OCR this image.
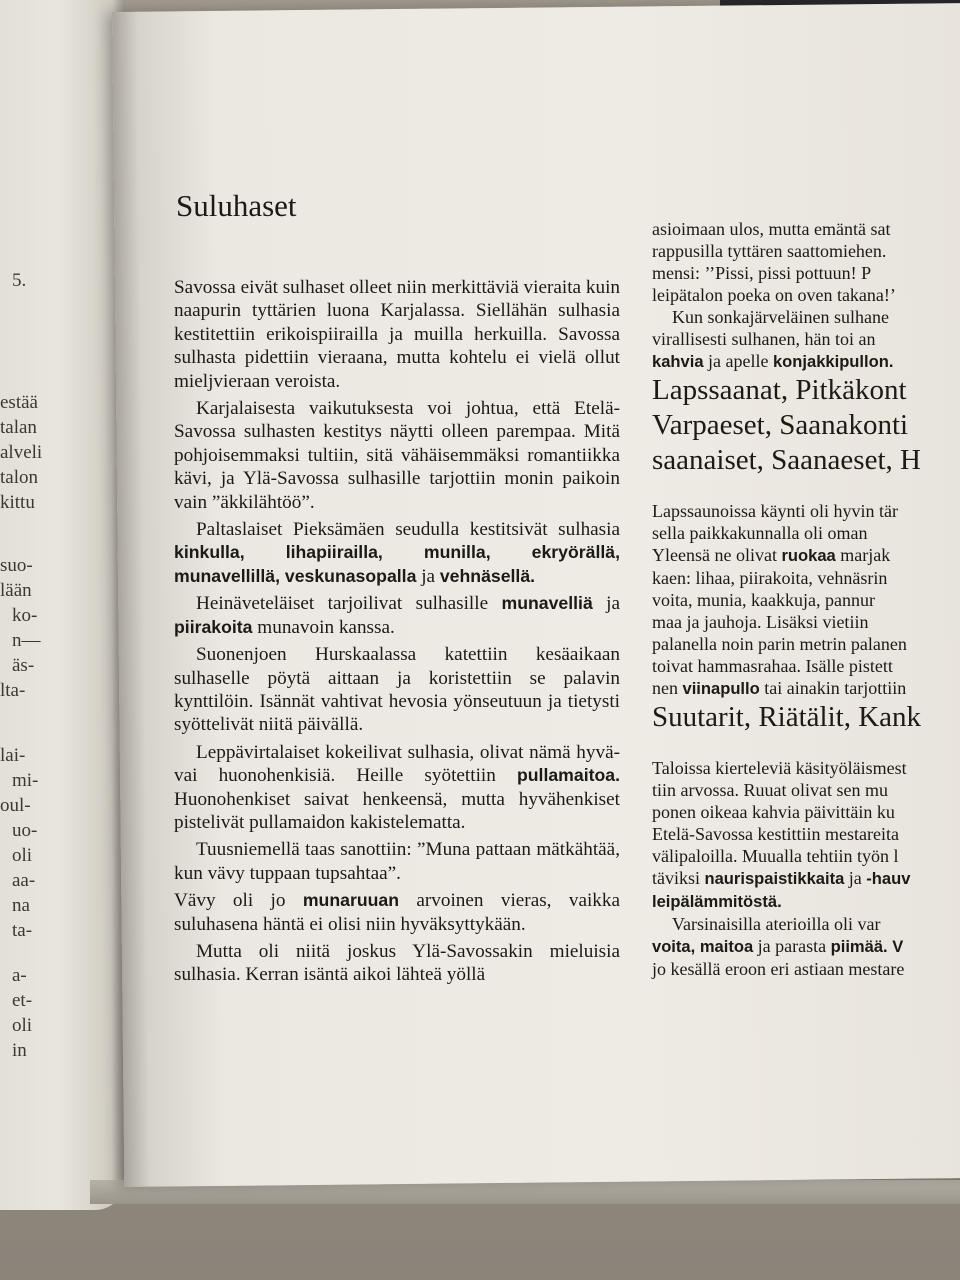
5.
estää
talan
alveli
talon
kittu
suo-
lään
ko-
n—
äs-
lta-
lai-
mi-
oul-
uo-
oli
aa-
na
ta-
a-
et-
oli
in
Suluhaset

Savossa eivät sulhaset olleet niin merkittäviä vieraita kuin naapurin tyttärien luona Karjalassa. Siellähän sulhasia kestitettiin erikoispiirailla ja muilla herkuilla. Savossa sulhasta pidettiin vieraana, mutta kohtelu ei vielä ollut mieljvieraan veroista.

Karjalaisesta vaikutuksesta voi johtua, että Etelä-Savossa sulhasten kestitys näytti olleen parempaa. Mitä pohjoisemmaksi tultiin, sitä vähäisemmäksi romantiikka kävi, ja Ylä-Savossa sulhasille tarjottiin monin paikoin vain ”äkkilähtöö”.

Paltaslaiset Pieksämäen seudulla kestitsivät sulhasia kinkulla, lihapiirailla, munilla, ekryörällä, munavellillä, veskunasopalla ja vehnäsellä.

Heinäveteläiset tarjoilivat sulhasille munavelliä ja piirakoita munavoin kanssa.

Suonenjoen Hurskaalassa katettiin kesäaikaan sulhaselle pöytä aittaan ja koristettiin se palavin kynttilöin. Isännät vahtivat hevosia yönseutuun ja tietysti syöttelivät niitä päivällä.

Leppävirtalaiset kokeilivat sulhasia, olivat nämä hyvä- vai huonohenkisiä. Heille syötettiin pullamaitoa. Huonohenkiset saivat henkeensä, mutta hyvähenkiset pistelivät pullamaidon kakistelematta.

Tuusniemellä taas sanottiin: ”Muna pattaan mätkähtää, kun vävy tuppaan tupsahtaa”.

Vävy oli jo munaruuan arvoinen vieras, vaikka suluhasena häntä ei olisi niin hyväksyttykään.

Mutta oli niitä joskus Ylä-Savossakin mieluisia sulhasia. Kerran isäntä aikoi lähteä yöllä

asioimaan ulos, mutta emäntä sat
rappusilla tyttären saattomiehen.
mensi: ’’Pissi, pissi pottuun! P
leipätalon poeka on oven takana!’
Kun sonkajärveläinen sulhane
virallisesti sulhanen, hän toi an
kahvia ja apelle konjakkipullon.
Lapssaanat, Pitkäkont
Varpaeset, Saanakonti
saanaiset, Saanaeset, H
Lapssaunoissa käynti oli hyvin tär
sella paikkakunnalla oli oman
Yleensä ne olivat ruokaa marjak
kaen: lihaa, piirakoita, vehnäsrin
voita, munia, kaakkuja, pannur
maa ja jauhoja. Lisäksi vietiin
palanella noin parin metrin palanen
toivat hammasrahaa. Isälle pistett
nen viinapullo tai ainakin tarjottiin
Suutarit, Riätälit, Kank
Taloissa kierteleviä käsityöläismest
tiin arvossa. Ruuat olivat sen mu
ponen oikeaa kahvia päivittäin ku
Etelä-Savossa kestittiin mestareita
välipaloilla. Muualla tehtiin työn l
täviksi naurispaistikkaita ja -hauv
leipälämmitöstä.
Varsinaisilla aterioilla oli var
voita, maitoa ja parasta piimää. V
jo kesällä eroon eri astiaan mestare
